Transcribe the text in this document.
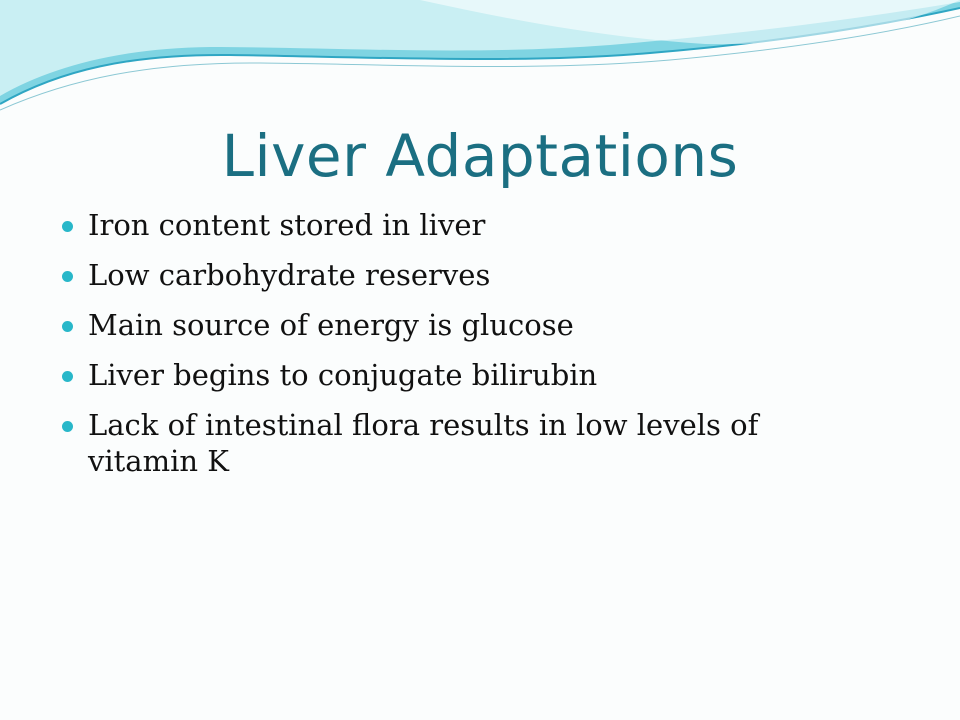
Liver Adaptations
Iron content stored in liver
Low carbohydrate reserves
Main source of energy is glucose
Liver begins to conjugate bilirubin
Lack of intestinal flora results in low levels of vitamin K
